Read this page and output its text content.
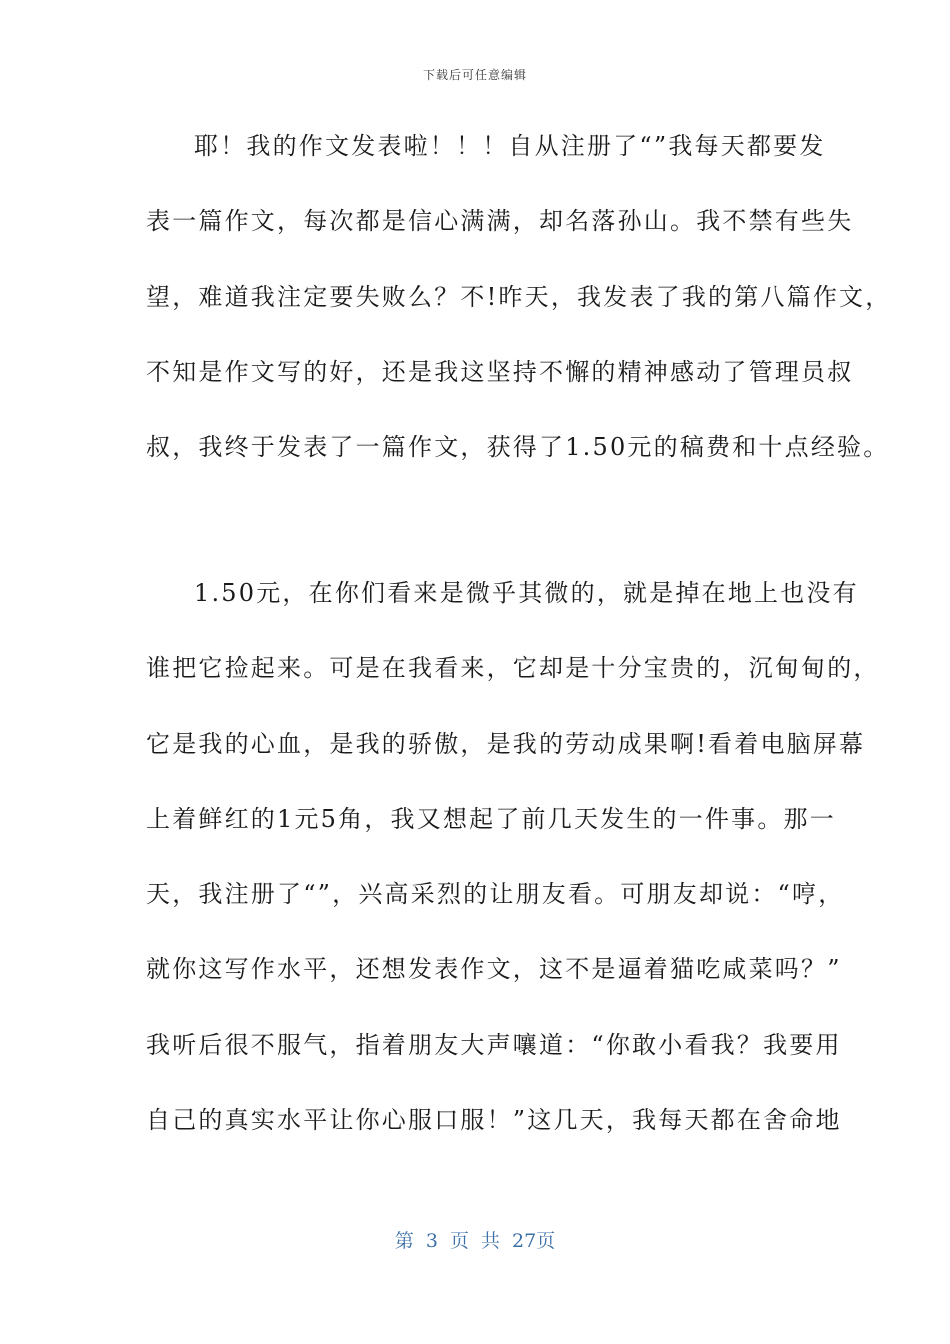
下载后可任意编辑
耶！我的作文发表啦！！！自从注册了“”我每天都要发
表一篇作文，每次都是信心满满，却名落孙山。我不禁有些失
望，难道我注定要失败么？不!昨天，我发表了我的第八篇作文，
不知是作文写的好，还是我这坚持不懈的精神感动了管理员叔
叔，我终于发表了一篇作文，获得了1.50元的稿费和十点经验。
1.50元，在你们看来是微乎其微的，就是掉在地上也没有
谁把它捡起来。可是在我看来，它却是十分宝贵的，沉甸甸的，
它是我的心血，是我的骄傲，是我的劳动成果啊!看着电脑屏幕
上着鲜红的1元5角，我又想起了前几天发生的一件事。那一
天，我注册了“”，兴高采烈的让朋友看。可朋友却说：“哼，
就你这写作水平，还想发表作文，这不是逼着猫吃咸菜吗？”
我听后很不服气，指着朋友大声嚷道：“你敢小看我？我要用
自己的真实水平让你心服口服！”这几天，我每天都在舍命地
第 3 页 共 27页
